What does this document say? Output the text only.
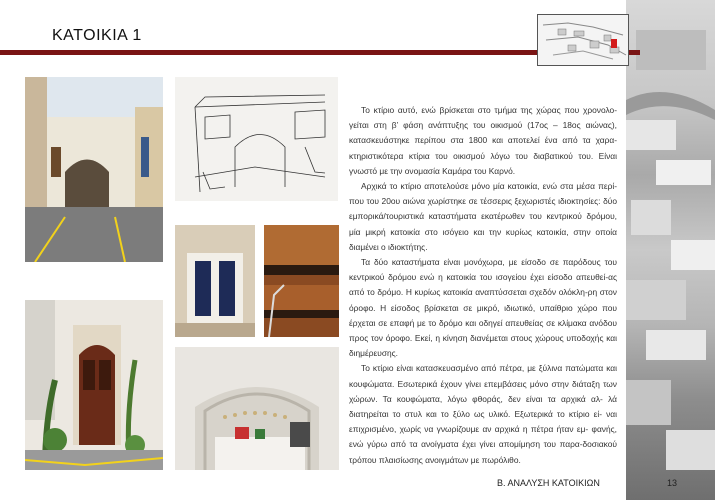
ΚΑΤΟΙΚΙΑ 1

Το κτίριο αυτό, ενώ βρίσκεται στο τμήμα της χώρας που χρονολο- γείται στη β’ φάση ανάπτυξης του οικισμού (17ος – 18ος αιώνας), κατασκευάστηκε περίπου στα 1800 και αποτελεί ένα από τα χαρα- κτηριστικότερα κτίρια του οικισμού λόγω του διαβατικού του. Είναι γνωστό με την ονομασία Καμάρα του Καρνό.

Αρχικά το κτίριο αποτελούσε μόνο μία κατοικία, ενώ στα μέσα περί-που του 20ου αιώνα χωρίστηκε σε τέσσερις ξεχωριστές ιδιοκτησίες: δύο εμπορικά/τουριστικά καταστήματα εκατέρωθεν του κεντρικού δρόμου, μία μικρή κατοικία στο ισόγειο και την κυρίως κατοικία, στην οποία διαμένει ο ιδιοκτήτης.

Τα δύο καταστήματα είναι μονόχωρα, με είσοδο σε παρόδους του κεντρικού δρόμου ενώ η κατοικία του ισογείου έχει είσοδο απευθεί-ας από το δρόμο. Η κυρίως κατοικία αναπτύσσεται σχεδόν ολόκλη-ρη στον όροφο. Η είσοδος βρίσκεται σε μικρό, ιδιωτικό, υπαίθριο χώρο που έρχεται σε επαφή με το δρόμο και οδηγεί απευθείας σε κλίμακα ανόδου προς τον όροφο. Εκεί, η κίνηση διανέμεται στους χώρους υποδοχής και διημέρευσης.

Το κτίριο είναι κατασκευασμένο από πέτρα, με ξύλινα πατώματα και κουφώματα. Εσωτερικά έχουν γίνει επεμβάσεις μόνο στην διάταξη των χώρων. Τα κουφώματα, λόγω φθοράς, δεν είναι τα αρχικά αλ- λά διατηρείται το στυλ και το ξύλο ως υλικό. Εξωτερικά το κτίριο εί- ναι επιχρισμένο, χωρίς να γνωρίζουμε αν αρχικά η πέτρα ήταν εμ- φανής, ενώ γύρω από τα ανοίγματα έχει γίνει απομίμηση του παρα-δοσιακού τρόπου πλαισίωσης ανοιγμάτων με πωρόλιθο.

Β. ΑΝΑΛΥΣΗ ΚΑΤΟΙΚΙΩΝ	13
